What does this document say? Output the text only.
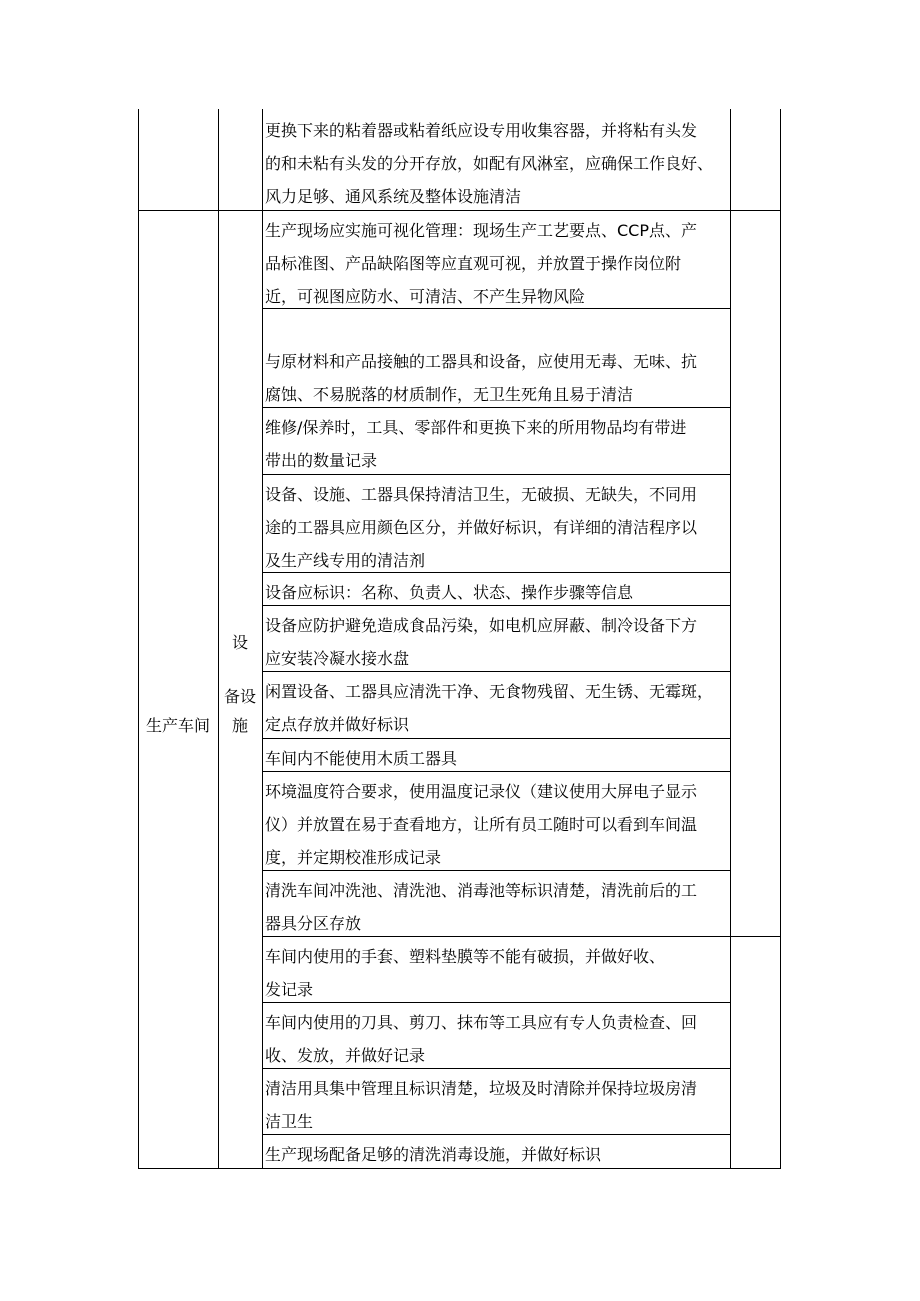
生产车间
设
备设
施
更换下来的粘着器或粘着纸应设专用收集容器，并将粘有头发
的和未粘有头发的分开存放，如配有风淋室，应确保工作良好、
风力足够、通风系统及整体设施清洁
生产现场应实施可视化管理：现场生产工艺要点、CCP点、产
品标准图、产品缺陷图等应直观可视，并放置于操作岗位附
近，可视图应防水、可清洁、不产生异物风险
与原材料和产品接触的工器具和设备，应使用无毒、无味、抗
腐蚀、不易脱落的材质制作，无卫生死角且易于清洁
维修/保养时，工具、零部件和更换下来的所用物品均有带进
带出的数量记录
设备、设施、工器具保持清洁卫生，无破损、无缺失，不同用
途的工器具应用颜色区分，并做好标识，有详细的清洁程序以
及生产线专用的清洁剂
设备应标识：名称、负责人、状态、操作步骤等信息
设备应防护避免造成食品污染，如电机应屏蔽、制冷设备下方
应安装冷凝水接水盘
闲置设备、工器具应清洗干净、无食物残留、无生锈、无霉斑，
定点存放并做好标识
车间内不能使用木质工器具
环境温度符合要求，使用温度记录仪（建议使用大屏电子显示
仪）并放置在易于查看地方，让所有员工随时可以看到车间温
度，并定期校准形成记录
清洗车间冲洗池、清洗池、消毒池等标识清楚，清洗前后的工
器具分区存放
车间内使用的手套、塑料垫膜等不能有破损，并做好收、
发记录
车间内使用的刀具、剪刀、抹布等工具应有专人负责检查、回
收、发放，并做好记录
清洁用具集中管理且标识清楚，垃圾及时清除并保持垃圾房清
洁卫生
生产现场配备足够的清洗消毒设施，并做好标识
